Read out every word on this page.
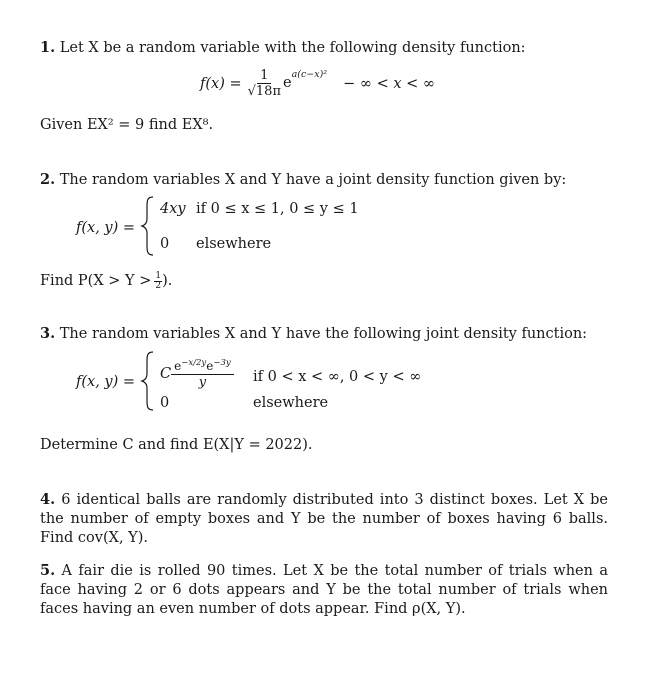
1. Let X be a random variable with the following density function:
$f(x) = \frac{1}{√18\pi} e^{a(c-x)^2}$
− ∞ < x < ∞
Given EX² = 9 find EX⁸.
2. The random variables X and Y have a joint density function given by:
f(x, y) =
4xy if 0 ≤ x ≤ 1, 0 ≤ y ≤ 1
0 elsewhere
Find $P(X > Y > \frac{1}{2}$ ).
3. The random variables X and Y have the following joint density function:
f(x, y) =
C $\frac{e^{-x/2y}e^{-3y}}{y}$ if 0 < x < ∞, 0 < y < ∞
0	elsewhere
Determine C and find E(X|Y = 2022).
4. 6 identical balls are randomly distributed into 3 distinct boxes. Let X be the number of empty boxes and Y be the number of boxes having 6 balls. Find cov(X, Y).
5. A fair die is rolled 90 times. Let X be the total number of trials when a face having 2 or 6 dots appears and Y be the total number of trials when faces having an even number of dots appear. Find ρ(X, Y).
